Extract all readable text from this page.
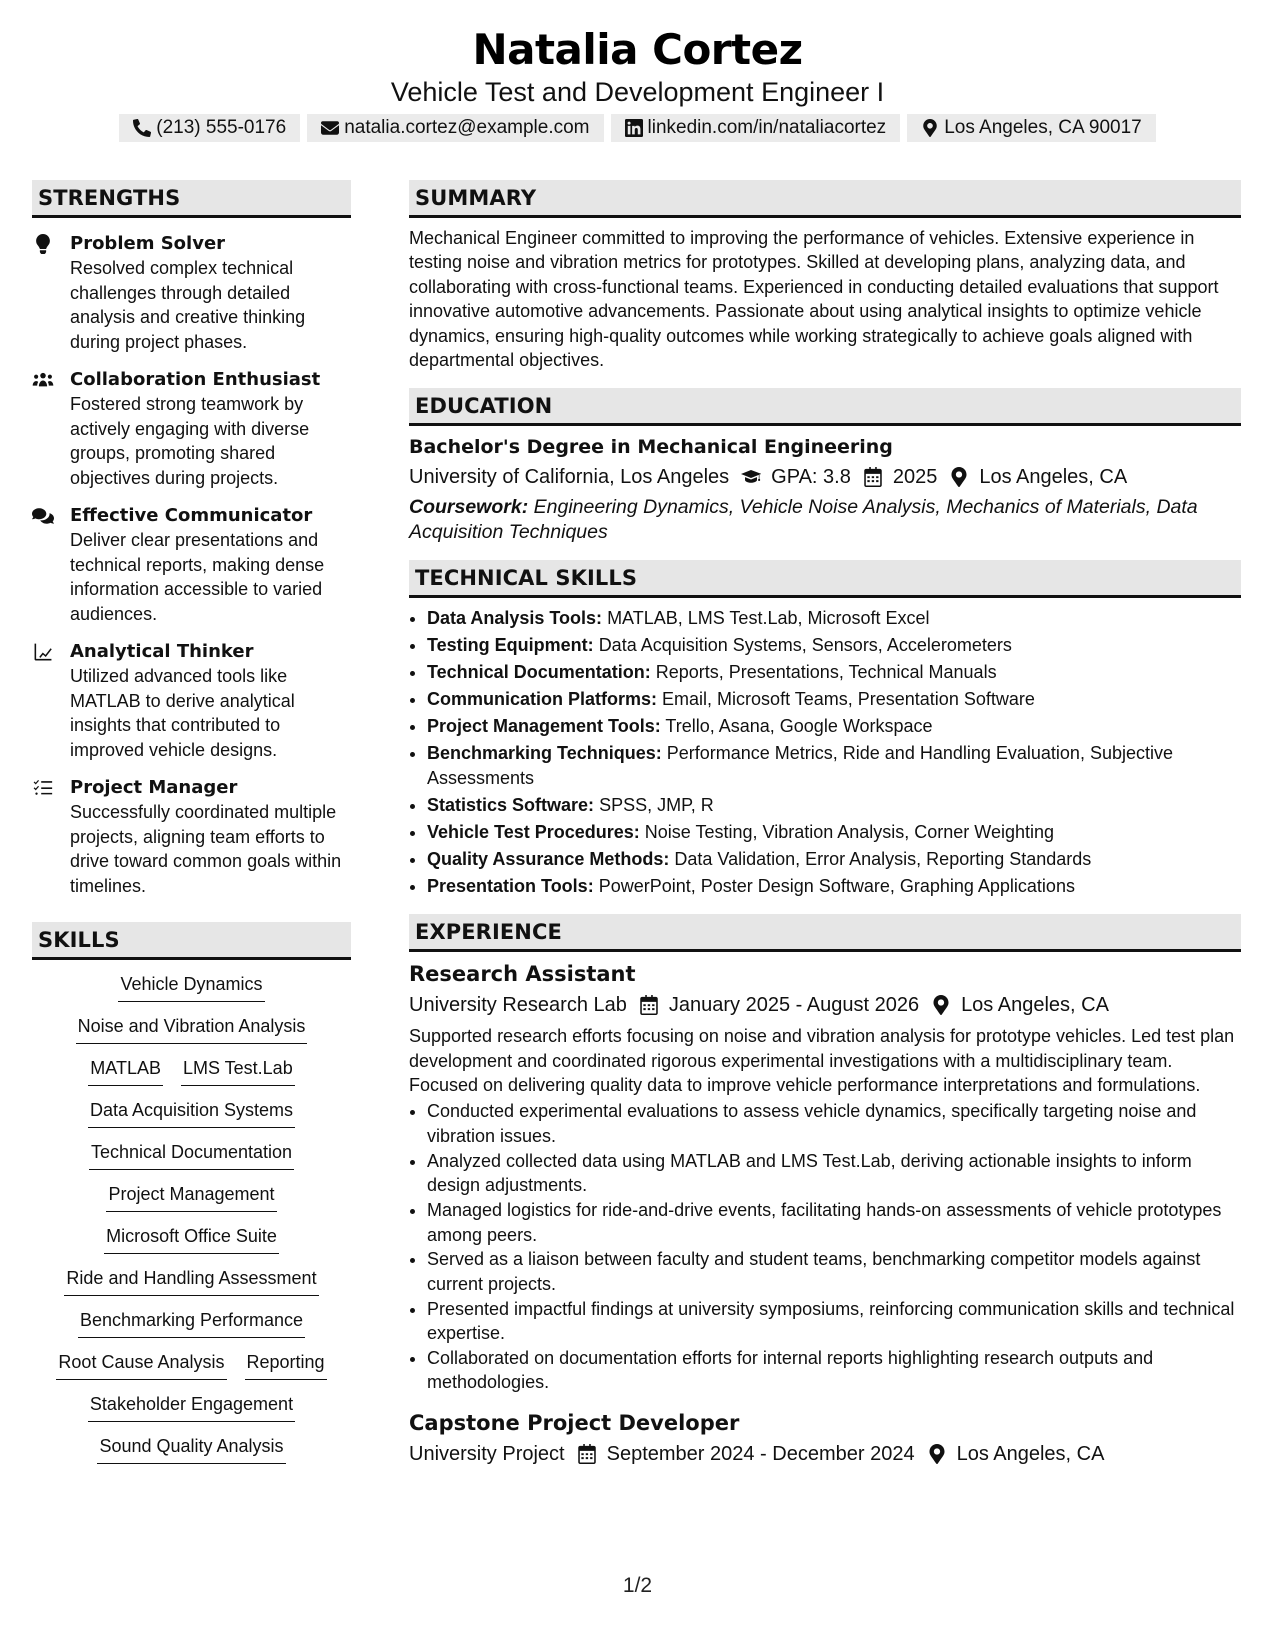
Natalia Cortez
Vehicle Test and Development Engineer I
(213) 555-0176	natalia.cortez@example.com	linkedin.com/in/nataliacortez	Los Angeles, CA 90017
STRENGTHS
Problem Solver
Resolved complex technical challenges through detailed analysis and creative thinking during project phases.
Collaboration Enthusiast
Fostered strong teamwork by actively engaging with diverse groups, promoting shared objectives during projects.
Effective Communicator
Deliver clear presentations and technical reports, making dense information accessible to varied audiences.
Analytical Thinker
Utilized advanced tools like MATLAB to derive analytical insights that contributed to improved vehicle designs.
Project Manager
Successfully coordinated multiple projects, aligning team efforts to drive toward common goals within timelines.
SKILLS
Vehicle Dynamics
Noise and Vibration Analysis
MATLAB LMS Test.Lab
Data Acquisition Systems
Technical Documentation
Project Management
Microsoft Office Suite
Ride and Handling Assessment
Benchmarking Performance
Root Cause Analysis Reporting
Stakeholder Engagement
Sound Quality Analysis
SUMMARY
Mechanical Engineer committed to improving the performance of vehicles. Extensive experience in testing noise and vibration metrics for prototypes. Skilled at developing plans, analyzing data, and collaborating with cross-functional teams. Experienced in conducting detailed evaluations that support innovative automotive advancements. Passionate about using analytical insights to optimize vehicle dynamics, ensuring high-quality outcomes while working strategically to achieve goals aligned with departmental objectives.
EDUCATION
Bachelor's Degree in Mechanical Engineering
University of California, Los Angeles GPA: 3.8 2025 Los Angeles, CA
Coursework: Engineering Dynamics, Vehicle Noise Analysis, Mechanics of Materials, Data Acquisition Techniques
TECHNICAL SKILLS
• Data Analysis Tools: MATLAB, LMS Test.Lab, Microsoft Excel
• Testing Equipment: Data Acquisition Systems, Sensors, Accelerometers
• Technical Documentation: Reports, Presentations, Technical Manuals
• Communication Platforms: Email, Microsoft Teams, Presentation Software
• Project Management Tools: Trello, Asana, Google Workspace
• Benchmarking Techniques: Performance Metrics, Ride and Handling Evaluation, Subjective Assessments
• Statistics Software: SPSS, JMP, R
• Vehicle Test Procedures: Noise Testing, Vibration Analysis, Corner Weighting
• Quality Assurance Methods: Data Validation, Error Analysis, Reporting Standards
• Presentation Tools: PowerPoint, Poster Design Software, Graphing Applications
EXPERIENCE
Research Assistant
University Research Lab January 2025 - August 2026 Los Angeles, CA
Supported research efforts focusing on noise and vibration analysis for prototype vehicles. Led test plan development and coordinated rigorous experimental investigations with a multidisciplinary team. Focused on delivering quality data to improve vehicle performance interpretations and formulations.
• Conducted experimental evaluations to assess vehicle dynamics, specifically targeting noise and vibration issues.
• Analyzed collected data using MATLAB and LMS Test.Lab, deriving actionable insights to inform design adjustments.
• Managed logistics for ride-and-drive events, facilitating hands-on assessments of vehicle prototypes among peers.
• Served as a liaison between faculty and student teams, benchmarking competitor models against current projects.
• Presented impactful findings at university symposiums, reinforcing communication skills and technical expertise.
• Collaborated on documentation efforts for internal reports highlighting research outputs and methodologies.
Capstone Project Developer
University Project September 2024 - December 2024 Los Angeles, CA
1/2
